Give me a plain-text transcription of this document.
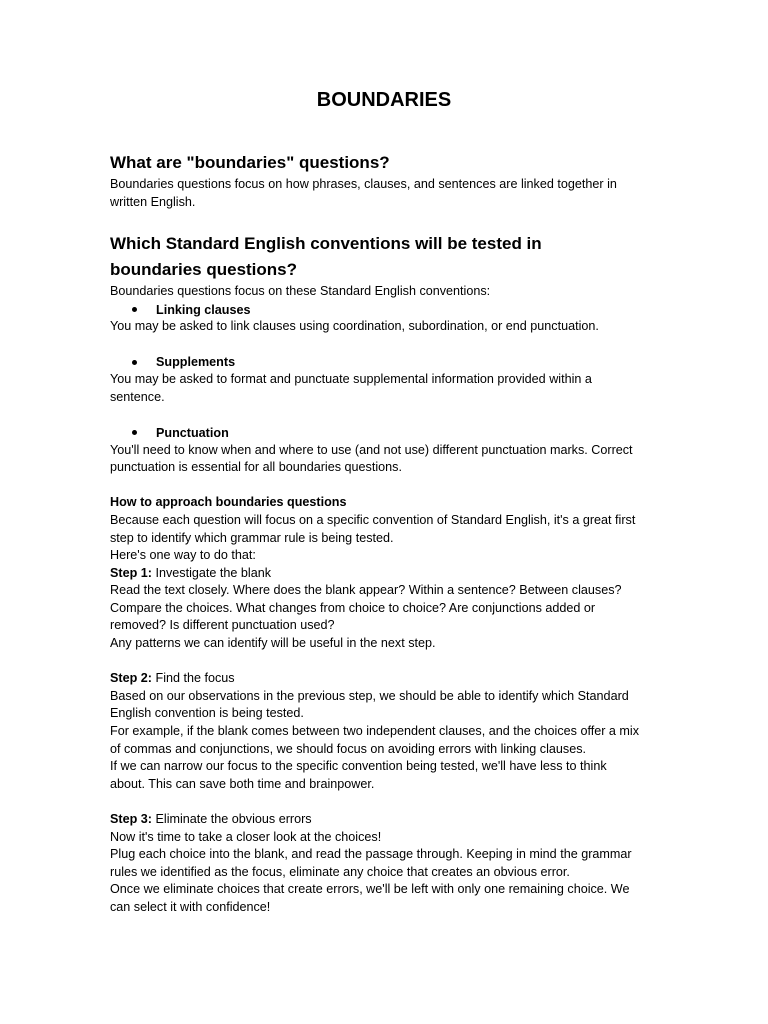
BOUNDARIES
What are "boundaries" questions?

Boundaries questions focus on how phrases, clauses, and sentences are linked together in

written English.

Which Standard English conventions will be tested in
boundaries questions?

Boundaries questions focus on these Standard English conventions:

Linking clauses

You may be asked to link clauses using coordination, subordination, or end punctuation.

Supplements

You may be asked to format and punctuate supplemental information provided within a

sentence.

Punctuation

You'll need to know when and where to use (and not use) different punctuation marks. Correct

punctuation is essential for all boundaries questions.

How to approach boundaries questions

Because each question will focus on a specific convention of Standard English, it's a great first

step to identify which grammar rule is being tested.

Here's one way to do that:

Step 1: Investigate the blank

Read the text closely. Where does the blank appear? Within a sentence? Between clauses?

Compare the choices. What changes from choice to choice? Are conjunctions added or

removed? Is different punctuation used?

Any patterns we can identify will be useful in the next step.

Step 2: Find the focus

Based on our observations in the previous step, we should be able to identify which Standard

English convention is being tested.

For example, if the blank comes between two independent clauses, and the choices offer a mix

of commas and conjunctions, we should focus on avoiding errors with linking clauses.

If we can narrow our focus to the specific convention being tested, we'll have less to think

about. This can save both time and brainpower.

Step 3: Eliminate the obvious errors

Now it's time to take a closer look at the choices!

Plug each choice into the blank, and read the passage through. Keeping in mind the grammar

rules we identified as the focus, eliminate any choice that creates an obvious error.

Once we eliminate choices that create errors, we'll be left with only one remaining choice. We

can select it with confidence!
